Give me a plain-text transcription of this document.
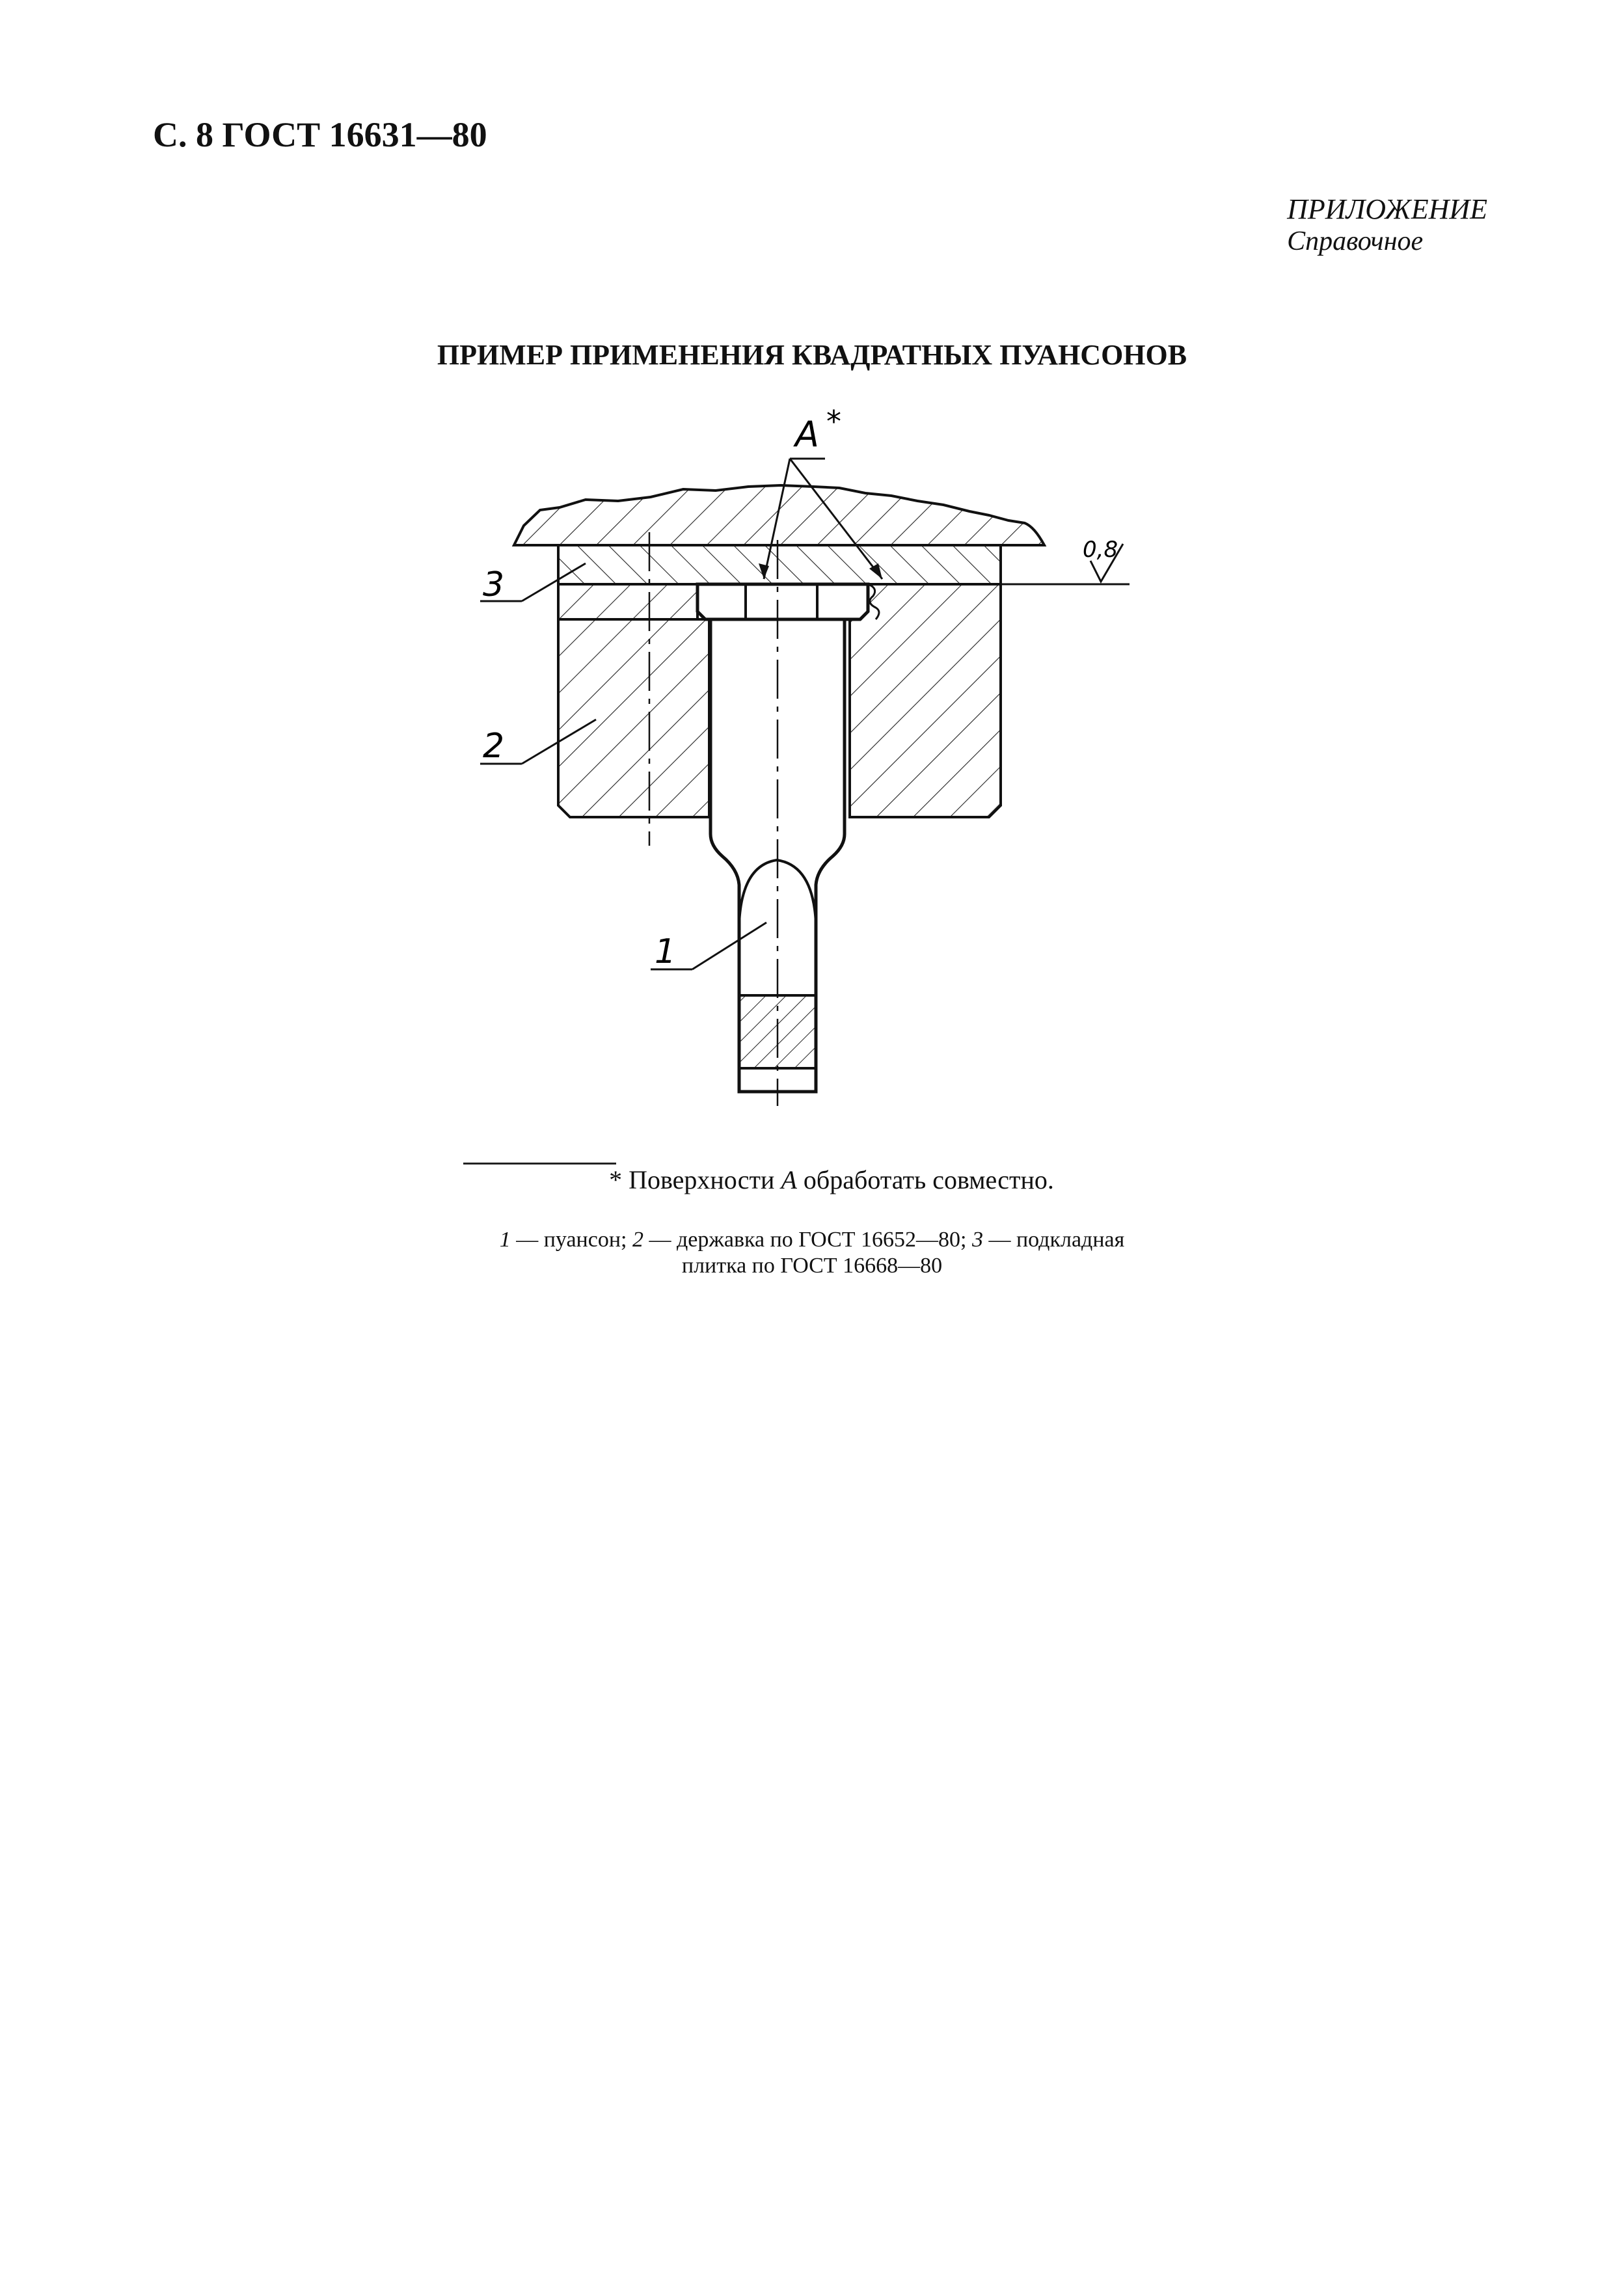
С. 8 ГОСТ 16631—80
ПРИЛОЖЕНИЕ
Справочное
ПРИМЕР ПРИМЕНЕНИЯ КВАДРАТНЫХ ПУАНСОНОВ
А *
0,8
3
2
1
* Поверхности А обработать совместно.
1 — пуансон; 2 — державка по ГОСТ 16652—80; 3 — подкладная
плитка по ГОСТ 16668—80
